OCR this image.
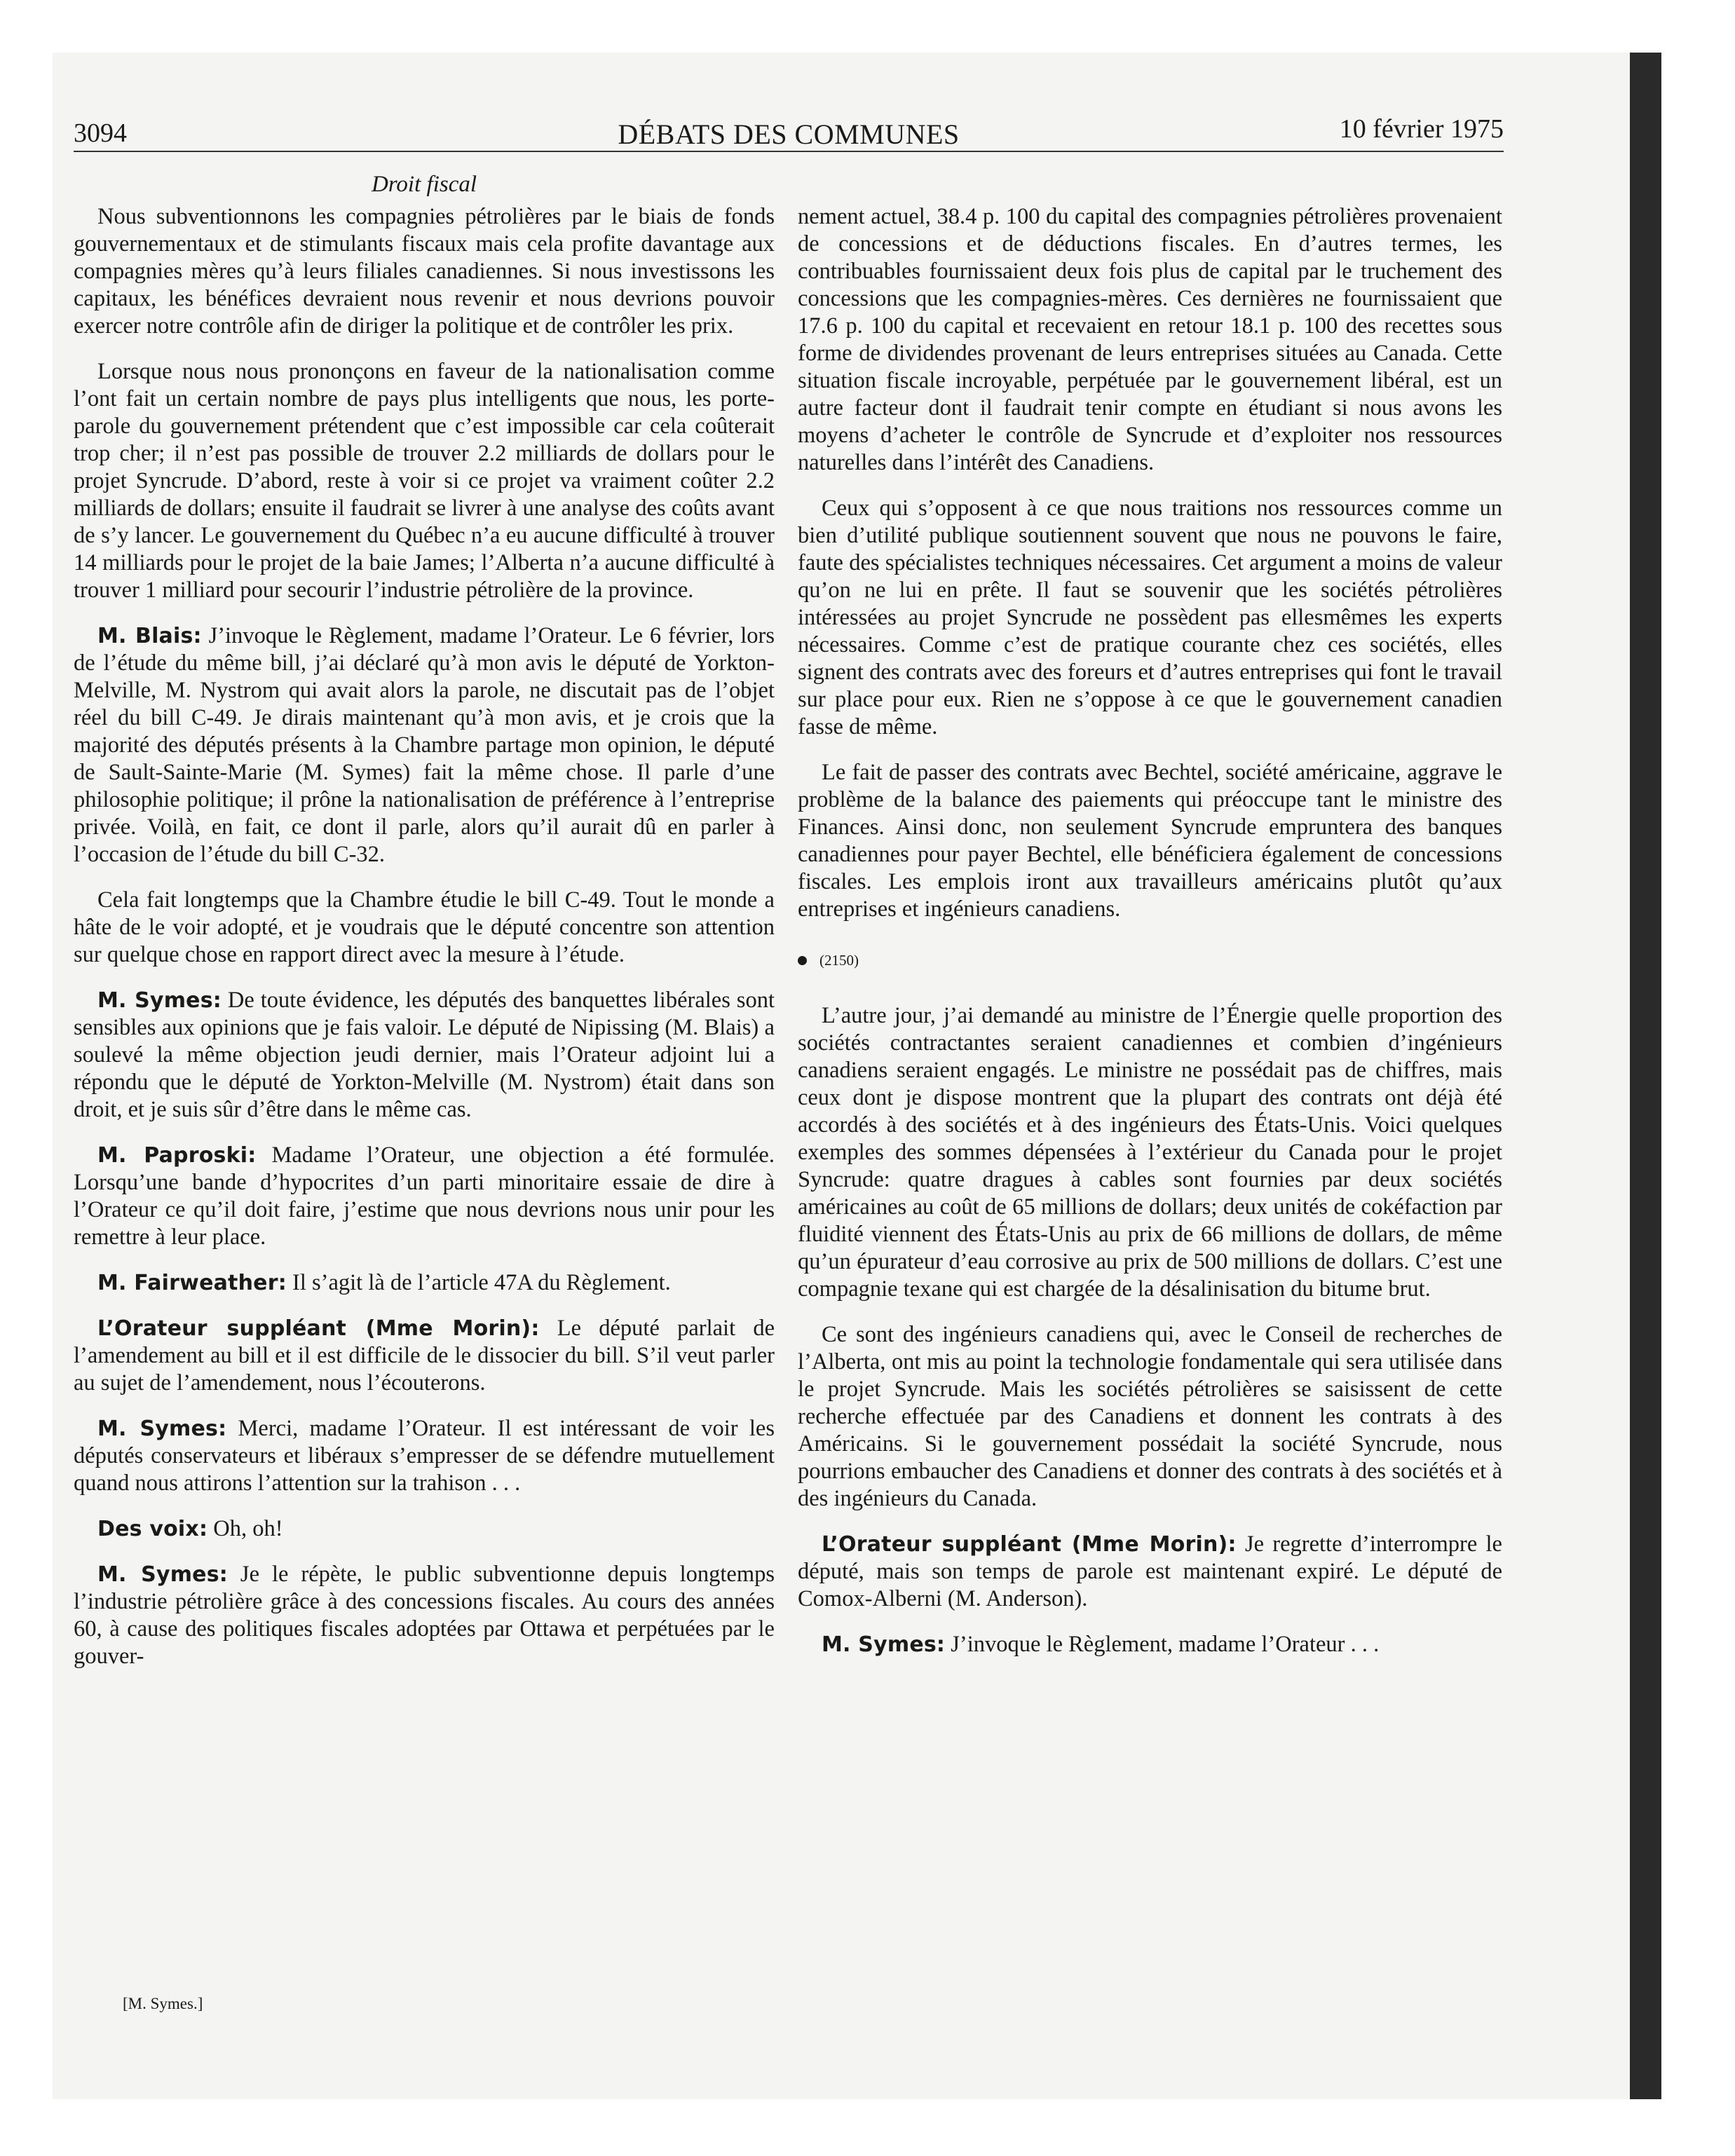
3094	DÉBATS DES COMMUNES	10 février 1975
Droit fiscal

Nous subventionnons les compagnies pétrolières par le biais de fonds gouvernementaux et de stimulants fiscaux mais cela profite davantage aux compagnies mères qu’à leurs filiales canadiennes. Si nous investissons les capitaux, les bénéfices devraient nous revenir et nous devrions pouvoir exercer notre contrôle afin de diriger la politique et de contrôler les prix.

Lorsque nous nous prononçons en faveur de la nationalisation comme l’ont fait un certain nombre de pays plus intelligents que nous, les porte-parole du gouvernement prétendent que c’est impossible car cela coûterait trop cher; il n’est pas possible de trouver 2.2 milliards de dollars pour le projet Syncrude. D’abord, reste à voir si ce projet va vraiment coûter 2.2 milliards de dollars; ensuite il faudrait se livrer à une analyse des coûts avant de s’y lancer. Le gouvernement du Québec n’a eu aucune difficulté à trouver 14 milliards pour le projet de la baie James; l’Alberta n’a aucune difficulté à trouver 1 milliard pour secourir l’industrie pétrolière de la province.

M. Blais: J’invoque le Règlement, madame l’Orateur. Le 6 février, lors de l’étude du même bill, j’ai déclaré qu’à mon avis le député de Yorkton-Melville, M. Nystrom qui avait alors la parole, ne discutait pas de l’objet réel du bill C-49. Je dirais maintenant qu’à mon avis, et je crois que la majorité des députés présents à la Chambre partage mon opinion, le député de Sault-Sainte-Marie (M. Symes) fait la même chose. Il parle d’une philosophie politique; il prône la nationalisation de préférence à l’entreprise privée. Voilà, en fait, ce dont il parle, alors qu’il aurait dû en parler à l’occasion de l’étude du bill C-32.

Cela fait longtemps que la Chambre étudie le bill C-49. Tout le monde a hâte de le voir adopté, et je voudrais que le député concentre son attention sur quelque chose en rapport direct avec la mesure à l’étude.

M. Symes: De toute évidence, les députés des banquettes libérales sont sensibles aux opinions que je fais valoir. Le député de Nipissing (M. Blais) a soulevé la même objection jeudi dernier, mais l’Orateur adjoint lui a répondu que le député de Yorkton-Melville (M. Nystrom) était dans son droit, et je suis sûr d’être dans le même cas.

M. Paproski: Madame l’Orateur, une objection a été formulée. Lorsqu’une bande d’hypocrites d’un parti minoritaire essaie de dire à l’Orateur ce qu’il doit faire, j’estime que nous devrions nous unir pour les remettre à leur place.

M. Fairweather: Il s’agit là de l’article 47A du Règlement.

L’Orateur suppléant (Mme Morin): Le député parlait de l’amendement au bill et il est difficile de le dissocier du bill. S’il veut parler au sujet de l’amendement, nous l’écouterons.

M. Symes: Merci, madame l’Orateur. Il est intéressant de voir les députés conservateurs et libéraux s’empresser de se défendre mutuellement quand nous attirons l’attention sur la trahison . . .

Des voix: Oh, oh!

M. Symes: Je le répète, le public subventionne depuis longtemps l’industrie pétrolière grâce à des concessions fiscales. Au cours des années 60, à cause des politiques fiscales adoptées par Ottawa et perpétuées par le gouver-

nement actuel, 38.4 p. 100 du capital des compagnies pétrolières provenaient de concessions et de déductions fiscales. En d’autres termes, les contribuables fournissaient deux fois plus de capital par le truchement des concessions que les compagnies-mères. Ces dernières ne fournissaient que 17.6 p. 100 du capital et recevaient en retour 18.1 p. 100 des recettes sous forme de dividendes provenant de leurs entreprises situées au Canada. Cette situation fiscale incroyable, perpétuée par le gouvernement libéral, est un autre facteur dont il faudrait tenir compte en étudiant si nous avons les moyens d’acheter le contrôle de Syncrude et d’exploiter nos ressources naturelles dans l’intérêt des Canadiens.

Ceux qui s’opposent à ce que nous traitions nos ressources comme un bien d’utilité publique soutiennent souvent que nous ne pouvons le faire, faute des spécialistes techniques nécessaires. Cet argument a moins de valeur qu’on ne lui en prête. Il faut se souvenir que les sociétés pétrolières intéressées au projet Syncrude ne possèdent pas ellesmêmes les experts nécessaires. Comme c’est de pratique courante chez ces sociétés, elles signent des contrats avec des foreurs et d’autres entreprises qui font le travail sur place pour eux. Rien ne s’oppose à ce que le gouvernement canadien fasse de même.

Le fait de passer des contrats avec Bechtel, société américaine, aggrave le problème de la balance des paiements qui préoccupe tant le ministre des Finances. Ainsi donc, non seulement Syncrude empruntera des banques canadiennes pour payer Bechtel, elle bénéficiera également de concessions fiscales. Les emplois iront aux travailleurs américains plutôt qu’aux entreprises et ingénieurs canadiens.

(2150)

L’autre jour, j’ai demandé au ministre de l’Énergie quelle proportion des sociétés contractantes seraient canadiennes et combien d’ingénieurs canadiens seraient engagés. Le ministre ne possédait pas de chiffres, mais ceux dont je dispose montrent que la plupart des contrats ont déjà été accordés à des sociétés et à des ingénieurs des États-Unis. Voici quelques exemples des sommes dépensées à l’extérieur du Canada pour le projet Syncrude: quatre dragues à cables sont fournies par deux sociétés américaines au coût de 65 millions de dollars; deux unités de cokéfaction par fluidité viennent des États-Unis au prix de 66 millions de dollars, de même qu’un épurateur d’eau corrosive au prix de 500 millions de dollars. C’est une compagnie texane qui est chargée de la désalinisation du bitume brut.

Ce sont des ingénieurs canadiens qui, avec le Conseil de recherches de l’Alberta, ont mis au point la technologie fondamentale qui sera utilisée dans le projet Syncrude. Mais les sociétés pétrolières se saisissent de cette recherche effectuée par des Canadiens et donnent les contrats à des Américains. Si le gouvernement possédait la société Syncrude, nous pourrions embaucher des Canadiens et donner des contrats à des sociétés et à des ingénieurs du Canada.

L’Orateur suppléant (Mme Morin): Je regrette d’interrompre le député, mais son temps de parole est maintenant expiré. Le député de Comox-Alberni (M. Anderson).

M. Symes: J’invoque le Règlement, madame l’Orateur . . .

[M. Symes.]
